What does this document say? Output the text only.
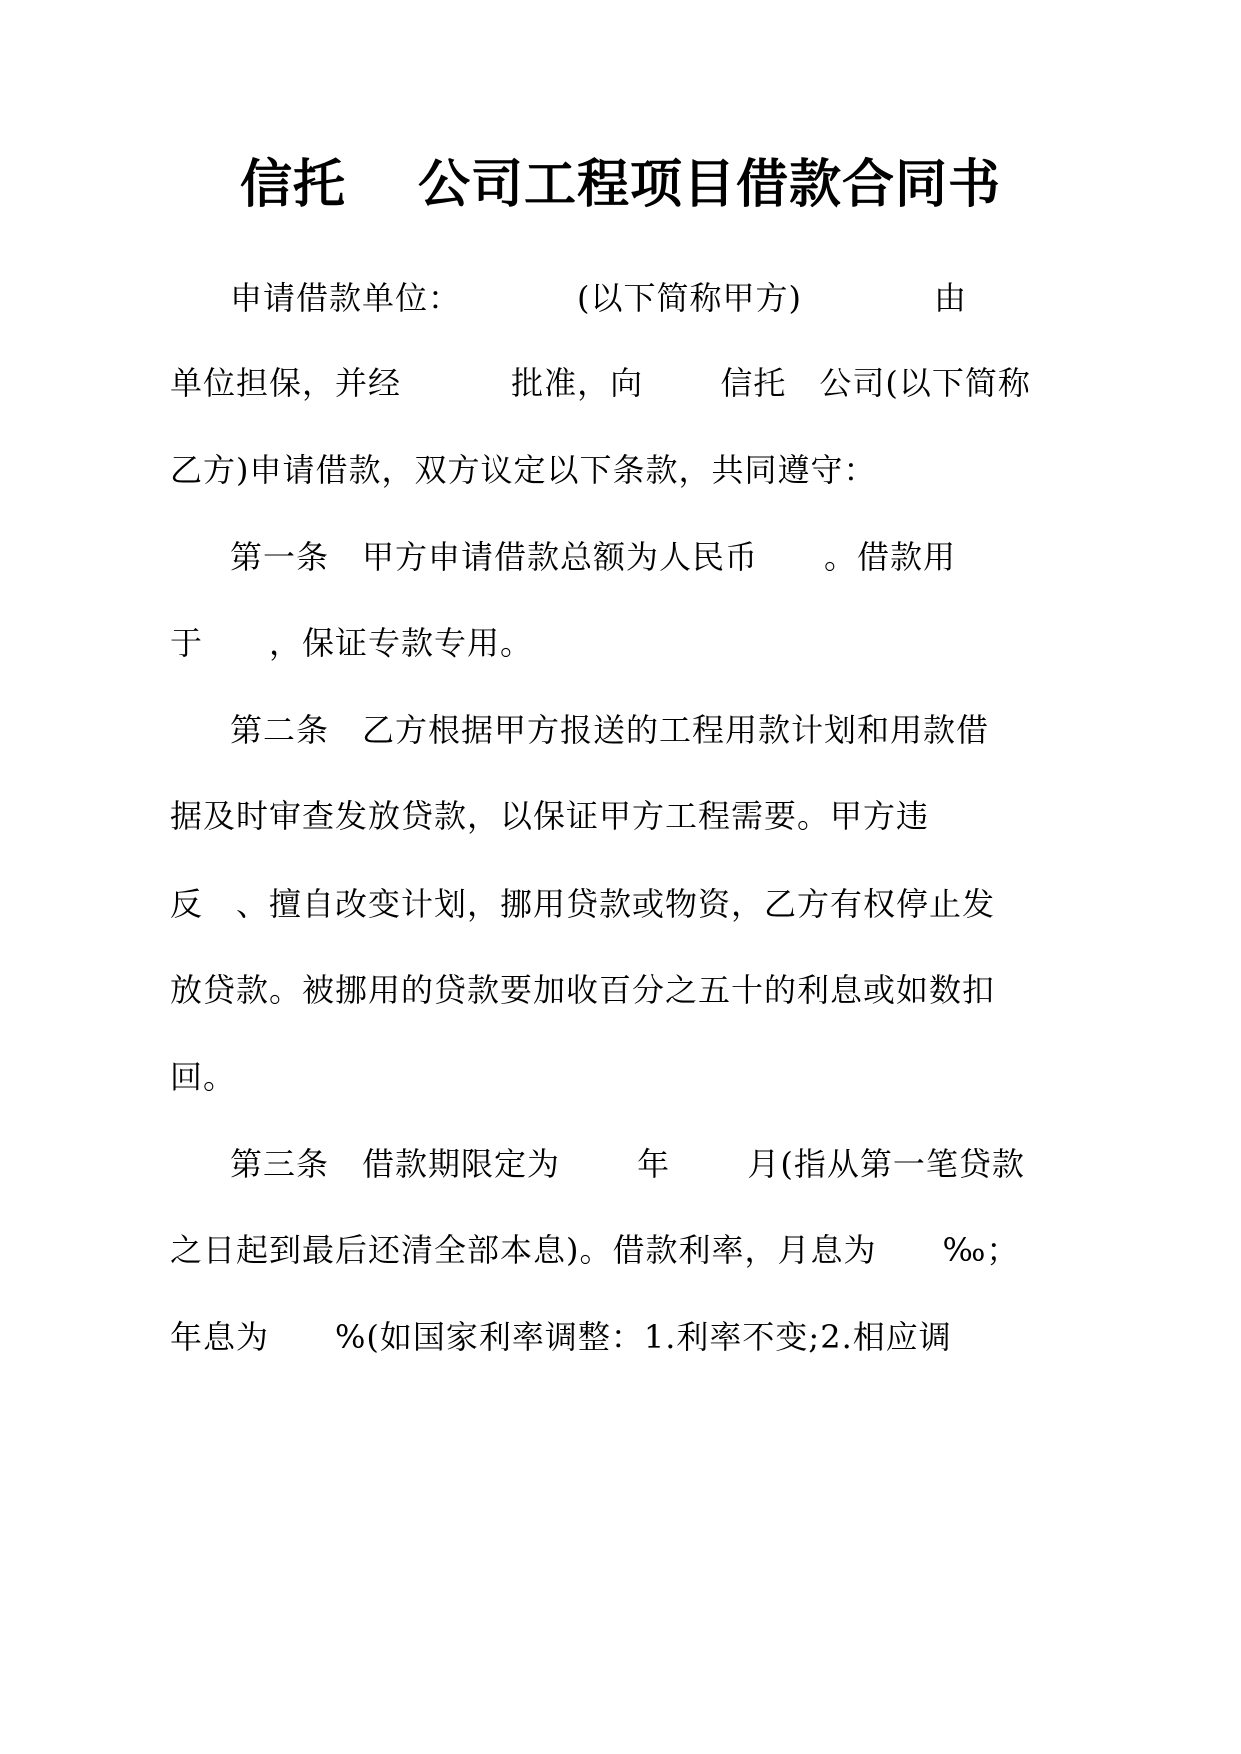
信托　 公司工程项目借款合同书
申请借款单位：　　　　(以下简称甲方)　　　　由
单位担保，并经　　　 批准，向　　 信托　公司(以下简称
乙方)申请借款，双方议定以下条款，共同遵守：
第一条　甲方申请借款总额为人民币　　。借款用
于　　，保证专款专用。
第二条　乙方根据甲方报送的工程用款计划和用款借
据及时审查发放贷款，以保证甲方工程需要。甲方违
反　、擅自改变计划，挪用贷款或物资，乙方有权停止发
放贷款。被挪用的贷款要加收百分之五十的利息或如数扣
回。
第三条　借款期限定为　　 年　　 月(指从第一笔贷款
之日起到最后还清全部本息)。借款利率，月息为　　‰；
年息为　　%(如国家利率调整：1.利率不变;2.相应调
